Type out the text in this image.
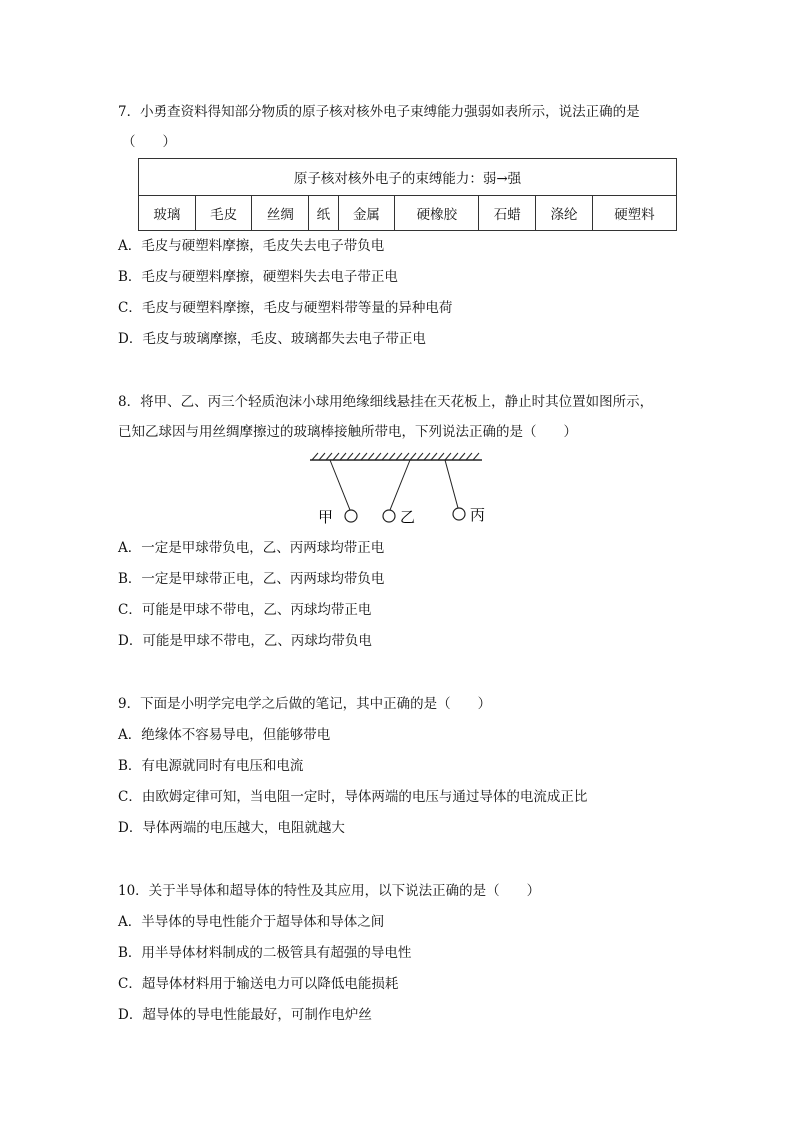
7．小勇查资料得知部分物质的原子核对核外电子束缚能力强弱如表所示，说法正确的是
（　　）
原子核对核外电子的束缚能力：弱→强
玻璃	毛皮	丝绸	纸	金属	硬橡胶	石蜡	涤纶	硬塑料
A．毛皮与硬塑料摩擦，毛皮失去电子带负电
B．毛皮与硬塑料摩擦，硬塑料失去电子带正电
C．毛皮与硬塑料摩擦，毛皮与硬塑料带等量的异种电荷
D．毛皮与玻璃摩擦，毛皮、玻璃都失去电子带正电
8．将甲、乙、丙三个轻质泡沫小球用绝缘细线悬挂在天花板上，静止时其位置如图所示，
已知乙球因与用丝绸摩擦过的玻璃棒接触所带电，下列说法正确的是（　　）
甲	乙	丙
A．一定是甲球带负电，乙、丙两球均带正电
B．一定是甲球带正电，乙、丙两球均带负电
C．可能是甲球不带电，乙、丙球均带正电
D．可能是甲球不带电，乙、丙球均带负电
9．下面是小明学完电学之后做的笔记，其中正确的是（　　）
A．绝缘体不容易导电，但能够带电
B．有电源就同时有电压和电流
C．由欧姆定律可知，当电阻一定时，导体两端的电压与通过导体的电流成正比
D．导体两端的电压越大，电阻就越大
10．关于半导体和超导体的特性及其应用，以下说法正确的是（　　）
A．半导体的导电性能介于超导体和导体之间
B．用半导体材料制成的二极管具有超强的导电性
C．超导体材料用于输送电力可以降低电能损耗
D．超导体的导电性能最好，可制作电炉丝
